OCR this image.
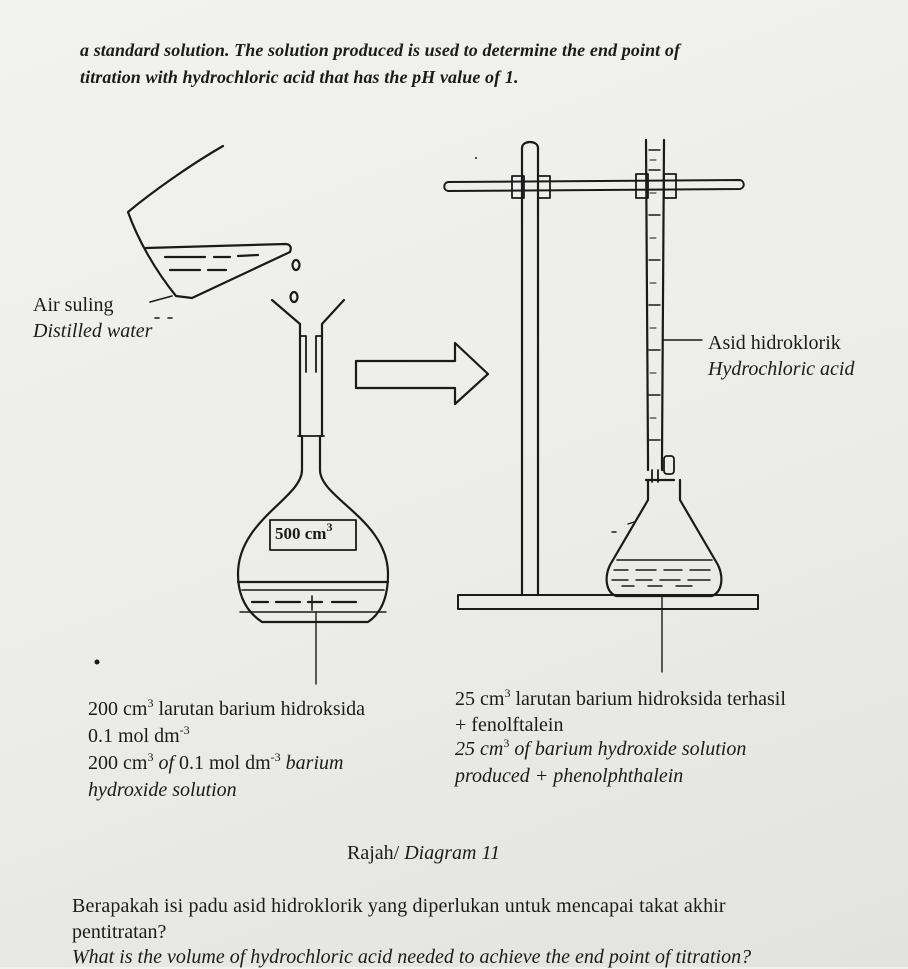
a standard solution. The solution produced is used to determine the end point of
titration with hydrochloric acid that has the pH value of 1.
Air suling
Distilled water
Asid hidroklorik
Hydrochloric acid
500 $cm^3$
200 $cm^3$ larutan barium hidroksida
0.1 mol $dm^{-3}$
200 $cm^3$ of 0.1 mol $dm^{-3}$ barium
hydroxide solution
25 $cm^3$ larutan barium hidroksida terhasil
+ fenolftalein
25 $cm^3$ of barium hydroxide solution
produced + phenolphthalein
Rajah/ Diagram 11
Berapakah isi padu asid hidroklorik yang diperlukan untuk mencapai takat akhir
pentitratan?
What is the volume of hydrochloric acid needed to achieve the end point of titration?
